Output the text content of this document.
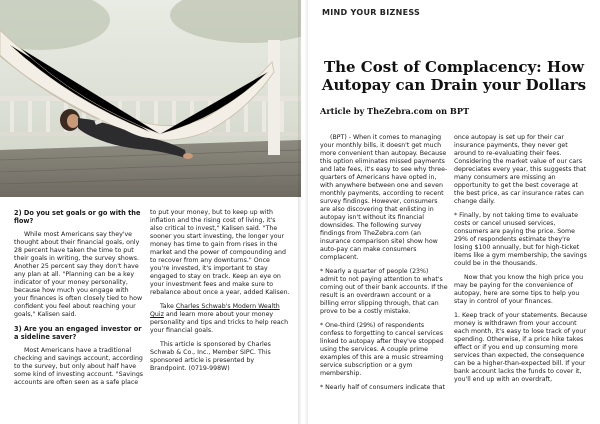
2) Do you set goals or go with the flow?

While most Americans say they've thought about their financial goals, only 28 percent have taken the time to put their goals in writing, the survey shows. Another 25 percent say they don't have any plan at all. "Planning can be a key indicator of your money personality, because how much you engage with your finances is often closely tied to how confident you feel about reaching your goals," Kalisen said.

3) Are you an engaged investor or a sideline saver?

Most Americans have a traditional checking and savings account, according to the survey, but only about half have some kind of investing account. "Savings accounts are often seen as a safe place

to put your money, but to keep up with inflation and the rising cost of living, it's also critical to invest," Kalisen said. "The sooner you start investing, the longer your money has time to gain from rises in the market and the power of compounding and to recover from any downturns." Once you're invested, it's important to stay engaged to stay on track. Keep an eye on your investment fees and make sure to rebalance about once a year, added Kalisen.

Take Charles Schwab's Modern Wealth Quiz and learn more about your money personality and tips and tricks to help reach your financial goals.

This article is sponsored by Charles Schwab & Co., Inc., Member SIPC. This sponsored article is presented by Brandpoint. (0719-998W)

MIND YOUR BIZNESS
The Cost of Complacency: How Autopay can Drain your Dollars
Article by TheZebra.com on BPT

(BPT) - When it comes to managing your monthly bills, it doesn't get much more convenient than autopay. Because this option eliminates missed payments and late fees, it's easy to see why three-quarters of Americans have opted in, with anywhere between one and seven monthly payments, according to recent survey findings. However, consumers are also discovering that enlisting in autopay isn't without its financial downsides. The following survey findings from TheZebra.com (an insurance comparison site) show how auto-pay can make consumers complacent.

* Nearly a quarter of people (23%) admit to not paying attention to what's coming out of their bank accounts. If the result is an overdrawn account or a billing error slipping through, that can prove to be a costly mistake.

* One-third (29%) of respondents confess to forgetting to cancel services linked to autopay after they've stopped using the services. A couple prime examples of this are a music streaming service subscription or a gym membership.

* Nearly half of consumers indicate that

once autopay is set up for their car insurance payments, they never get around to re-evaluating their fees. Considering the market value of our cars depreciates every year, this suggests that many consumers are missing an opportunity to get the best coverage at the best price, as car insurance rates can change daily.

* Finally, by not taking time to evaluate costs or cancel unused services, consumers are paying the price. Some 29% of respondents estimate they're losing $100 annually, but for high-ticket items like a gym membership, the savings could be in the thousands.

Now that you know the high price you may be paying for the convenience of autopay, here are some tips to help you stay in control of your finances.

1. Keep track of your statements. Because money is withdrawn from your account each month, it's easy to lose track of your spending. Otherwise, if a price hike takes effect or if you end up consuming more services than expected, the consequence can be a higher-than-expected bill. If your bank account lacks the funds to cover it, you'll end up with an overdraft,
